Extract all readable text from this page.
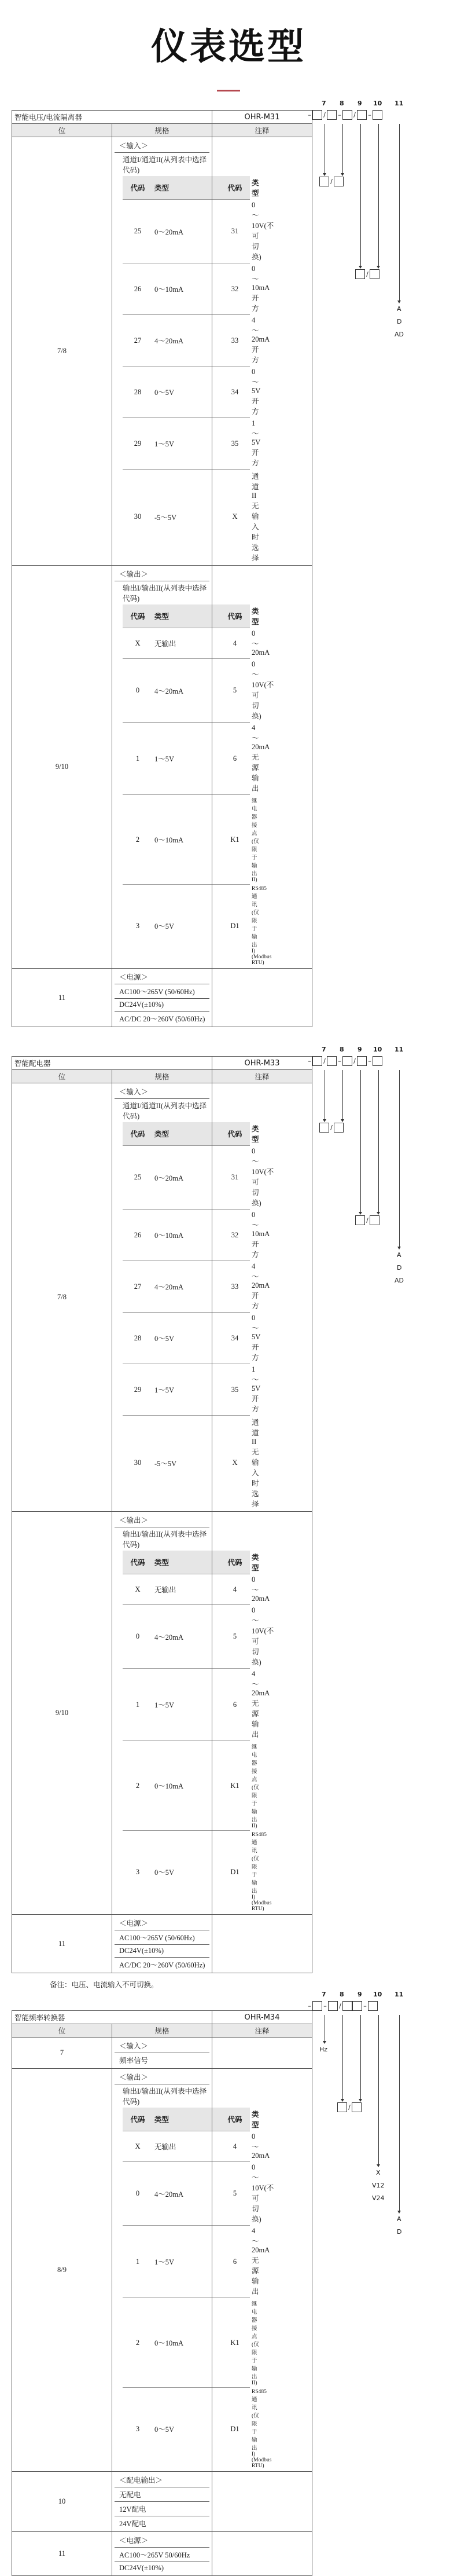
仪表选型
智能电压/电流隔离器	OHR-M31
位	规格	注释
7/8	
＜输入＞
通道I/通道II(从列表中选择代码)
代码	类型	代码	类型
25	0～20mA	31	0～10V(不可切换)
26	0～10mA	32	0～10mA开方
27	4～20mA	33	4～20mA开方
28	0～5V	34	0～5V开方
29	1～5V	35	1～5V开方
30	-5～5V	X	通道II无输入时选择

9/10	
＜输出＞
输出I/输出II(从列表中选择代码)
代码	类型	代码	类型
X	无输出	4	0～20mA
0	4～20mA	5	0～10V(不可切换)
1	1～5V	6	4～20mA无源输出
2	0～10mA	K1	继电器接点(仅限于输出II)
3	0～5V	D1	RS485通讯(仅限于输出I)(Modbus RTU)

11	
＜电源＞
AC100～265V (50/60Hz)
DC24V(±10%)
AC/DC 20～260V (50/60Hz)

7 8 9 10 11
– / – / –
/
/
A
D
AD
智能配电器	OHR-M33
位	规格	注释
7/8	
＜输入＞
通道I/通道II(从列表中选择代码)
代码	类型	代码	类型
25	0～20mA	31	0～10V(不可切换)
26	0～10mA	32	0～10mA开方
27	4～20mA	33	4～20mA开方
28	0～5V	34	0～5V开方
29	1～5V	35	1～5V开方
30	-5～5V	X	通道II无输入时选择

9/10	
＜输出＞
输出I/输出II(从列表中选择代码)
代码	类型	代码	类型
X	无输出	4	0～20mA
0	4～20mA	5	0～10V(不可切换)
1	1～5V	6	4～20mA无源输出
2	0～10mA	K1	继电器接点(仅限于输出II)
3	0～5V	D1	RS485通讯(仅限于输出I)(Modbus RTU)

11	
＜电源＞
AC100～265V (50/60Hz)
DC24V(±10%)
AC/DC 20～260V (50/60Hz)

备注：电压、电流输入不可切换。
7 8 9 10 11
– / – / –
/
/
A
D
AD
智能频率转换器	OHR-M34
位	规格	注释
7	
＜输入＞
频率信号

8/9	
＜输出＞
输出I/输出II(从列表中选择代码)
代码	类型	代码	类型
X	无输出	4	0～20mA
0	4～20mA	5	0～10V(不可切换)
1	1～5V	6	4～20mA无源输出
2	0～10mA	K1	继电器接点(仅限于输出II)
3	0～5V	D1	RS485通讯(仅限于输出I)(Modbus RTU)

10	
＜配电输出＞
无配电
12V配电
24V配电

11	
＜电源＞
AC100～265V 50/60Hz
DC24V(±10%)

7 8 9 10 11
– – /	–
Hz
/
X
V12
V24
A
D
